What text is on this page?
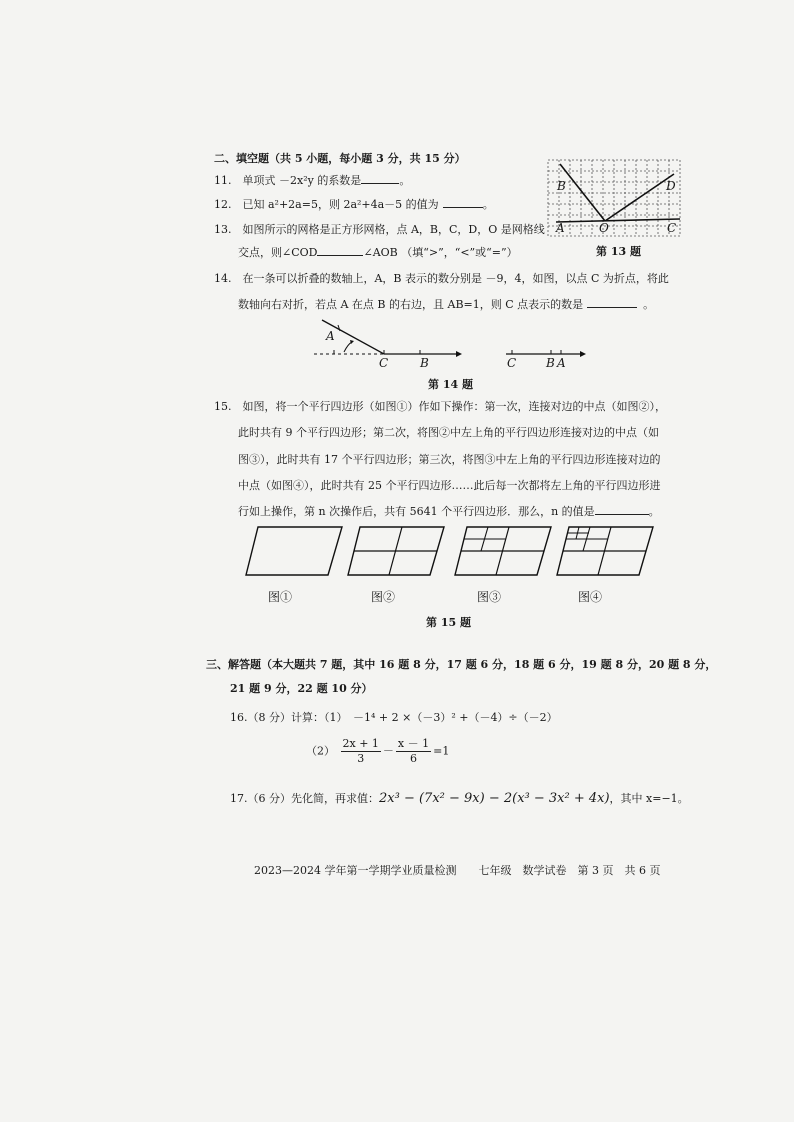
二、填空题（共 5 小题，每小题 3 分，共 15 分）
11.　单项式 －2x²y 的系数是	。
12.　已知 a²+2a=5，则 2a²+4a－5 的值为	。
13.　如图所示的网格是正方形网格，点 A，B，C，D，O 是网格线
交点，则∠COD	∠AOB （填“>”，“<”或“=”）
B	D
A	O	C
第 13 题
14.　在一条可以折叠的数轴上，A，B 表示的数分别是 －9，4，如图，以点 C 为折点，将此
数轴向右对折，若点 A 在点 B 的右边，且 AB=1，则 C 点表示的数是	。
A
C	B	C B A
第 14 题
15.　如图，将一个平行四边形（如图①）作如下操作：第一次，连接对边的中点（如图②），
此时共有 9 个平行四边形；第二次，将图②中左上角的平行四边形连接对边的中点（如
图③），此时共有 17 个平行四边形；第三次，将图③中左上角的平行四边形连接对边的
中点（如图④），此时共有 25 个平行四边形……此后每一次都将左上角的平行四边形进
行如上操作，第 n 次操作后，共有 5641 个平行四边形．那么，n 的值是	。
图①	图②	图③	图④
第 15 题
三、解答题（本大题共 7 题，其中 16 题 8 分，17 题 6 分，18 题 6 分，19 题 8 分，20 题 8 分，
21 题 9 分，22 题 10 分）
16.（8 分）计算：（1）　－1⁴ + 2 ×（－3）² +（－4）÷（－2）
$(2) \frac{2x + 1}{3} - \frac{x - 1}{6} =1$
17.（6 分）先化简，再求值：2x³ − (7x² − 9x) − 2(x³ − 3x² + 4x)，其中 x=−1。
2023—2024 学年第一学期学业质量检测　　七年级　数学试卷　第 3 页　共 6 页
